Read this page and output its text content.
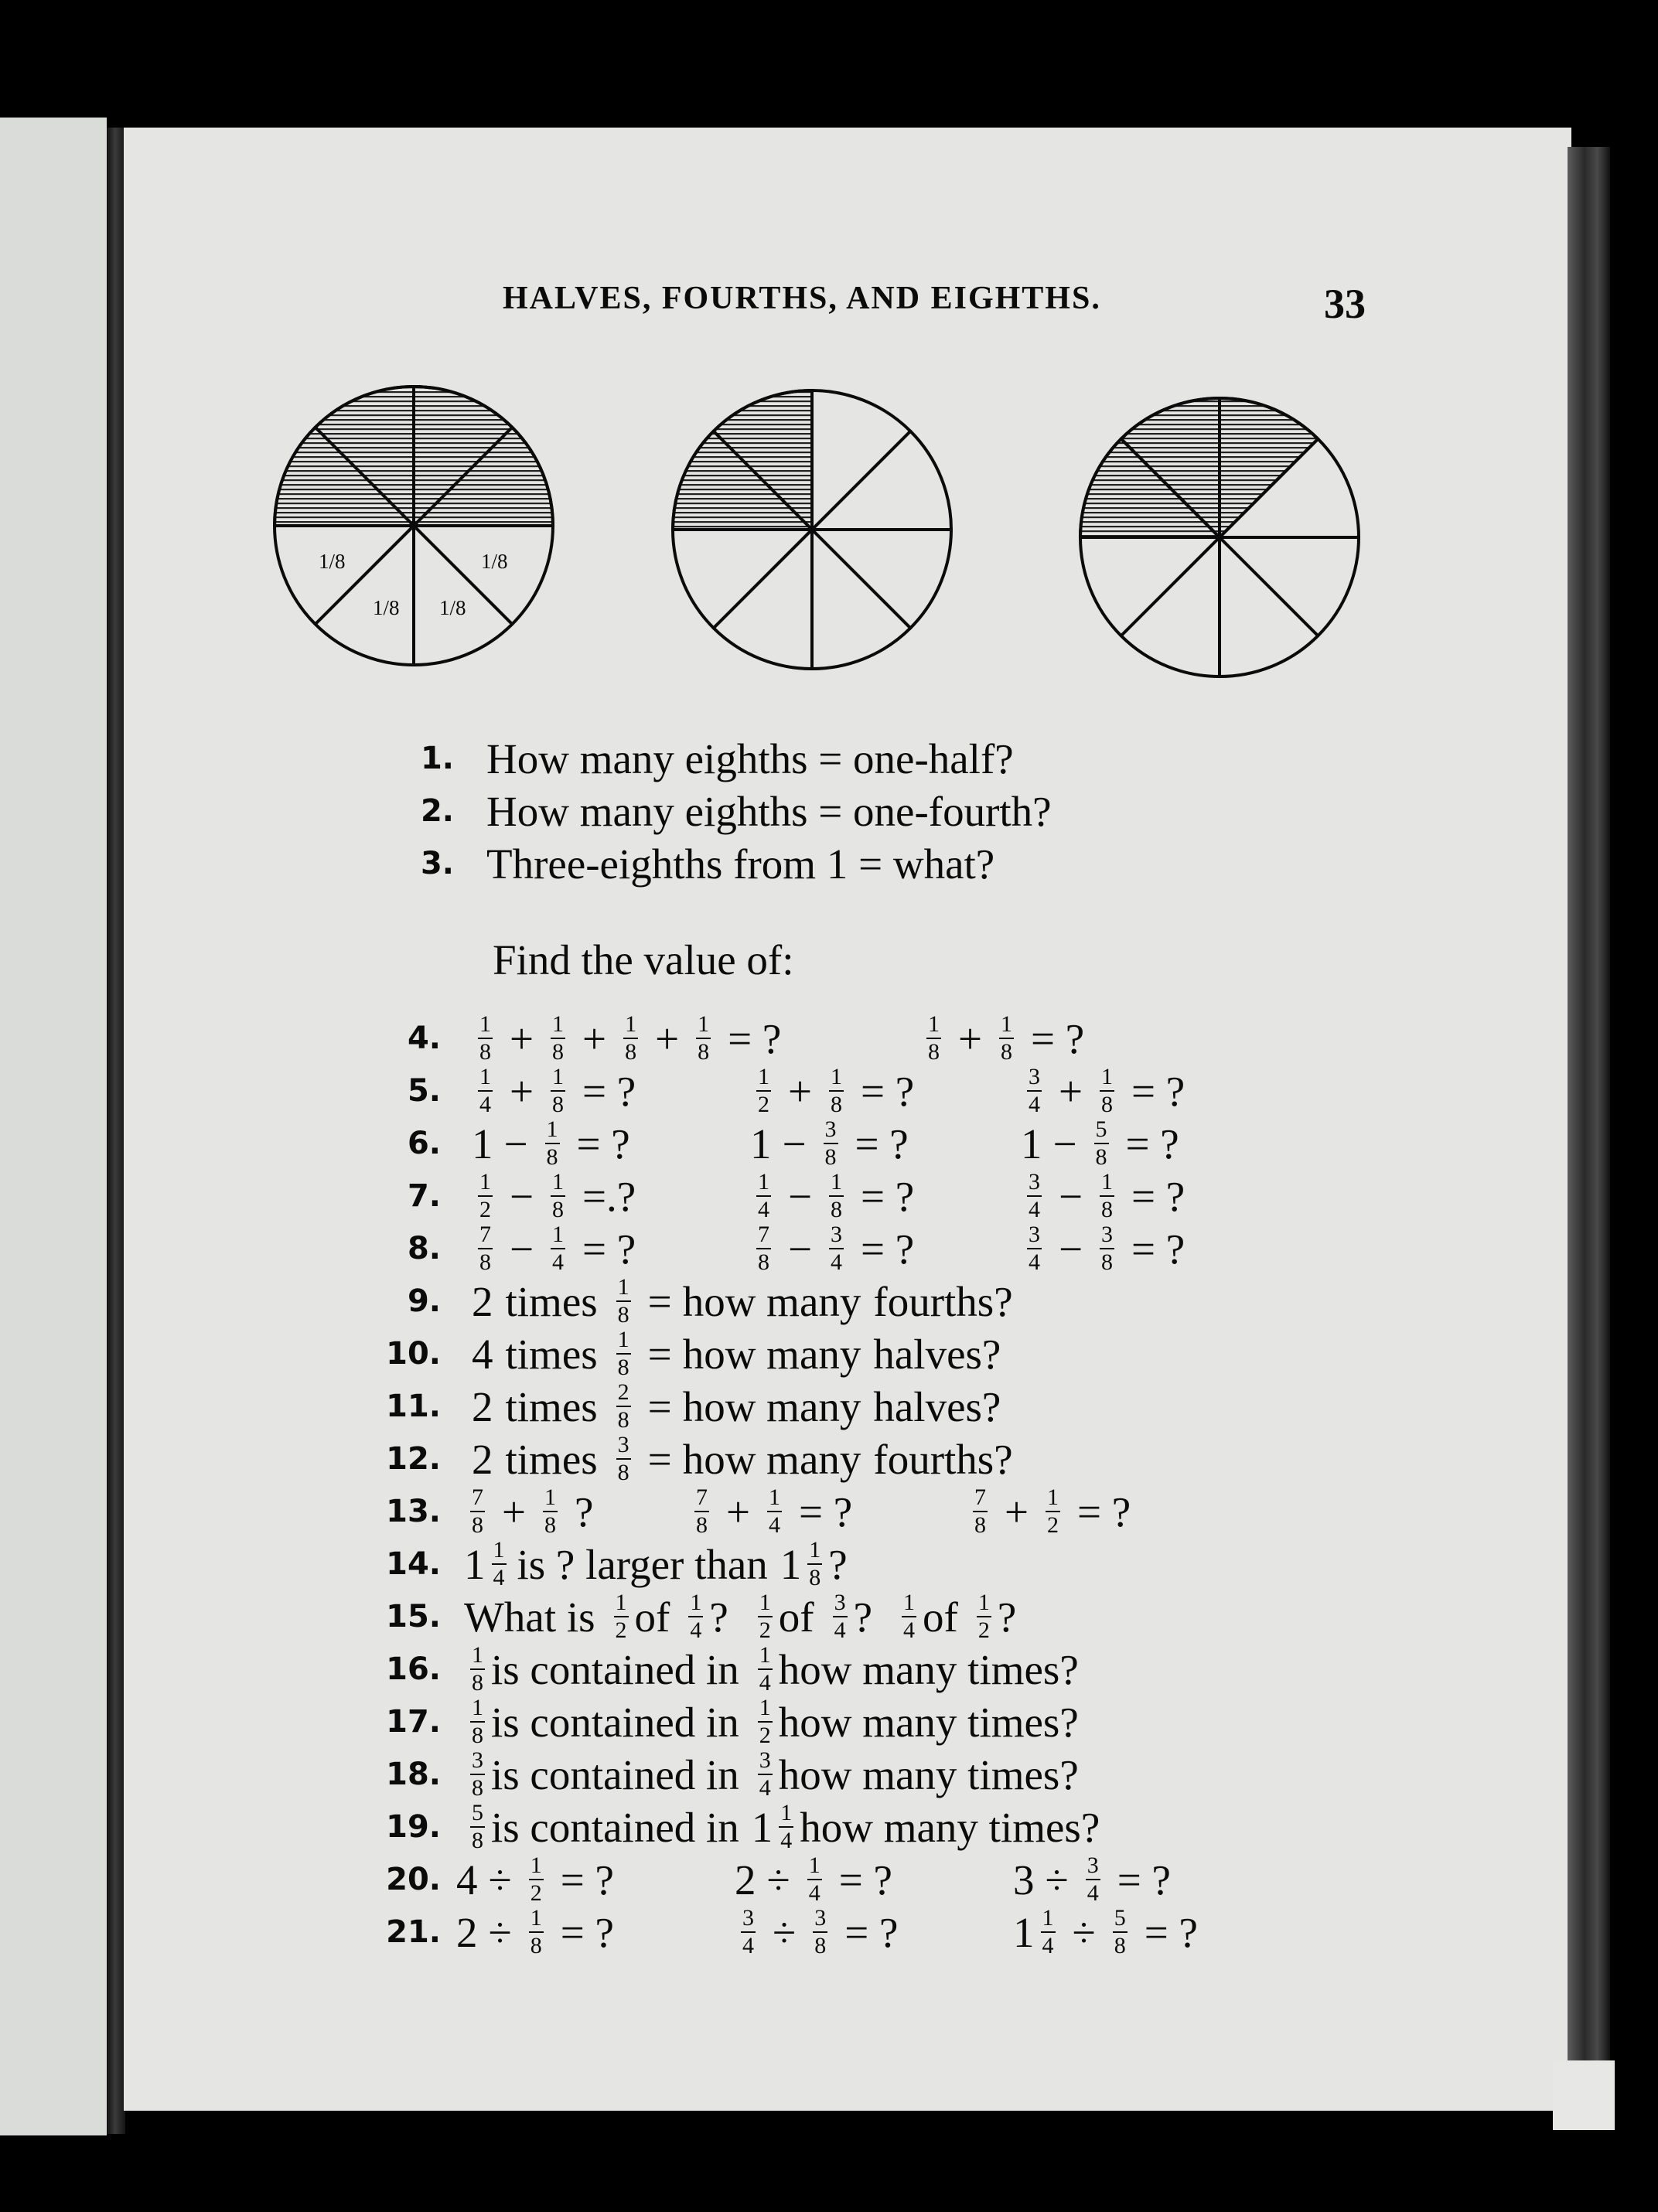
HALVES, FOURTHS, AND EIGHTHS.	33
1/8	1/8
1/8 1/8
1. How many eighths = one-half?
2. How many eighths = one-fourth?
3. Three-eighths from 1 = what?
Find the value of:
4. $\frac{1}{8} + \frac{1}{8} + \frac{1}{8} + \frac{1}{8}$ = ?	$\frac{1}{8} + \frac{1}{8}$ = ?
5. $\frac{1}{4} + \frac{1}{8}$ = ?	$\frac{1}{2} + \frac{1}{8}$ = ?	$\frac{3}{4} + \frac{1}{8}$ = ?
6. $1 - \frac{1}{8}$ = ?	$1 - \frac{3}{8}$ = ?	$1 - \frac{5}{8}$ = ?
7. $\frac{1}{2} - \frac{1}{8}$ =.?	$\frac{1}{4} - \frac{1}{8}$ = ?	$\frac{3}{4} - \frac{1}{8}$ = ?
8. $\frac{7}{8} - \frac{1}{4}$ = ?	$\frac{7}{8} - \frac{3}{4}$ = ?	$\frac{3}{4} - \frac{3}{8}$ = ?
9. 2 times $\frac{1}{8}$ = how many fourths?
10. 4 times $\frac{1}{8}$ = how many halves?
11. 2 times $\frac{2}{8}$ = how many halves?
12. 2 times $\frac{3}{8}$ = how many fourths?
13. $\frac{7}{8} + \frac{1}{8}$ ?	$\frac{7}{8} + \frac{1}{4}$ = ?	$\frac{7}{8} + \frac{1}{2}$ = ?
14. $1 \frac{1}{4}$ is ? larger than $1 \frac{1}{8}$ ?
15. What is $\frac{1}{2}$ of $\frac{1}{4}$ ? $\frac{1}{2}$ of $\frac{3}{4}$ ? $\frac{1}{4}$ of $\frac{1}{2}$ ?
16. $\frac{1}{8}$ is contained in $\frac{1}{4}$ how many times?
17. $\frac{1}{8}$ is contained in $\frac{1}{2}$ how many times?
18. $\frac{3}{8}$ is contained in $\frac{3}{4}$ how many times?
19. $\frac{5}{8}$ is contained in $1 \frac{1}{4}$ how many times?
20. $4 \div \frac{1}{2}$ = ?	$2 \div \frac{1}{4}$ = ?	$3 \div \frac{3}{4}$ = ?
21. $2 \div \frac{1}{8}$ = ?	$\frac{3}{4} \div \frac{3}{8}$ = ?	$1 \frac{1}{4} \div \frac{5}{8}$ = ?
